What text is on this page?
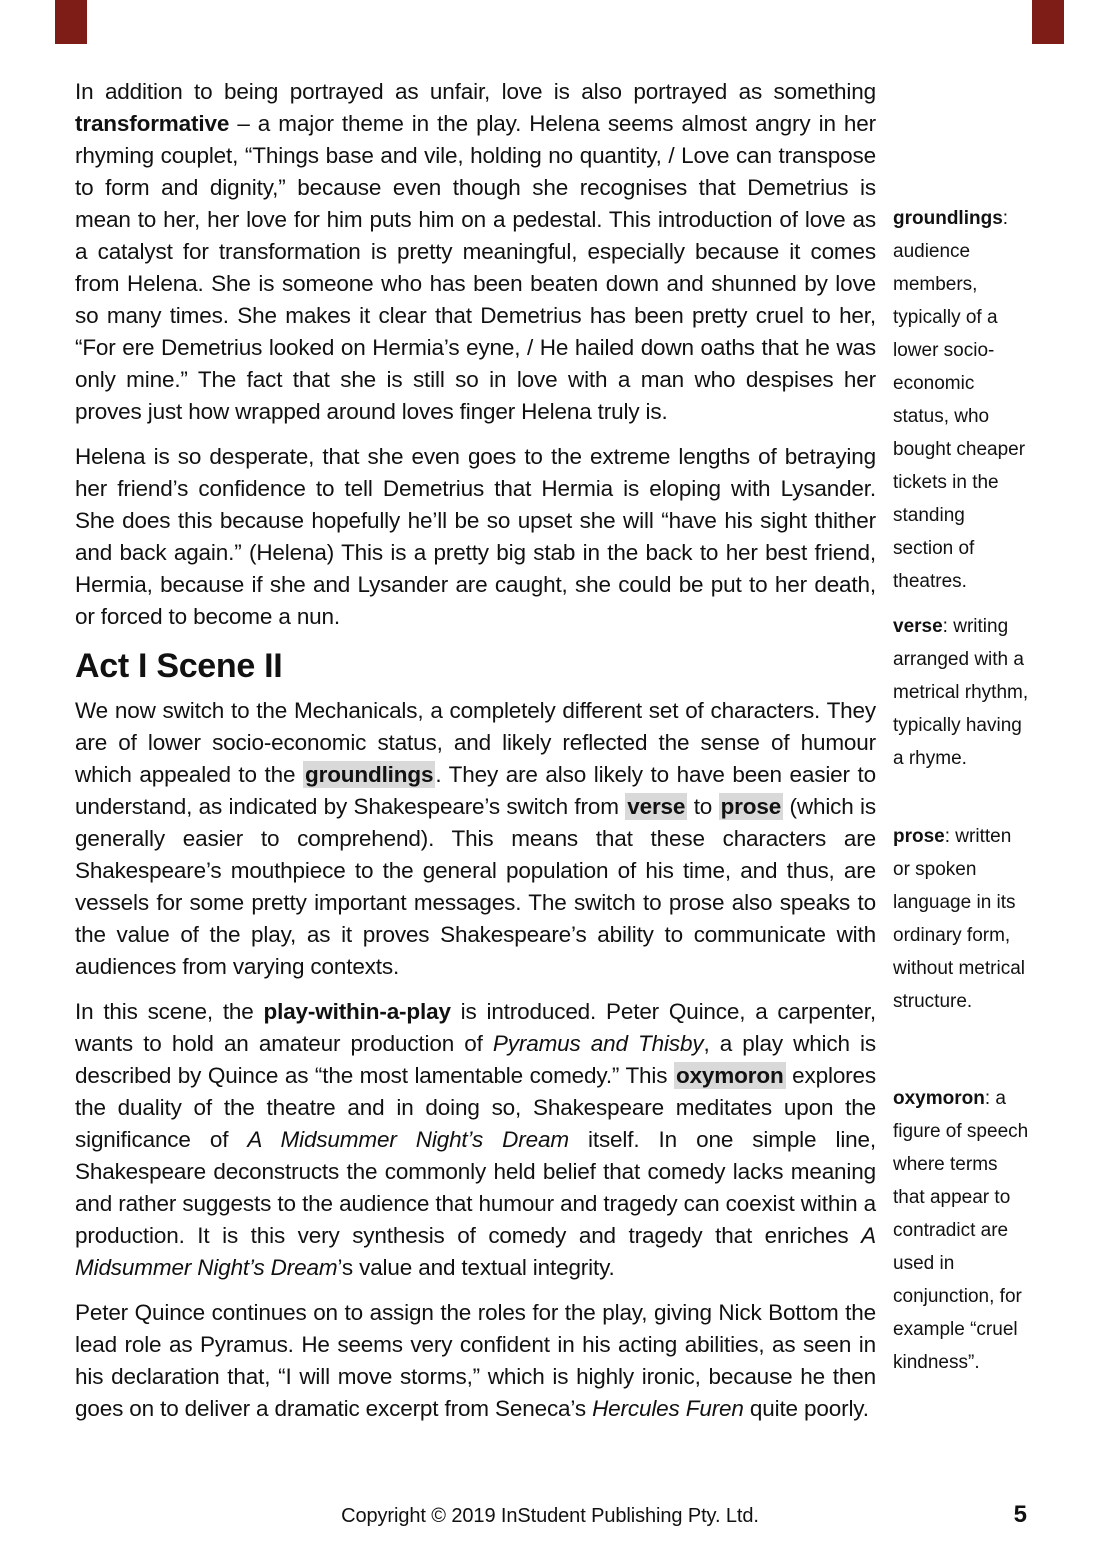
In addition to being portrayed as unfair, love is also portrayed as something transformative – a major theme in the play. Helena seems almost angry in her rhyming couplet, “Things base and vile, holding no quantity, / Love can transpose to form and dignity,” because even though she recognises that Demetrius is mean to her, her love for him puts him on a pedestal. This introduction of love as a catalyst for transformation is pretty meaningful, especially because it comes from Helena. She is someone who has been beaten down and shunned by love so many times. She makes it clear that Demetrius has been pretty cruel to her, “For ere Demetrius looked on Hermia’s eyne, / He hailed down oaths that he was only mine.” The fact that she is still so in love with a man who despises her proves just how wrapped around loves finger Helena truly is.

Helena is so desperate, that she even goes to the extreme lengths of betraying her friend’s confidence to tell Demetrius that Hermia is eloping with Lysander. She does this because hopefully he’ll be so upset she will “have his sight thither and back again.” (Helena) This is a pretty big stab in the back to her best friend, Hermia, because if she and Lysander are caught, she could be put to her death, or forced to become a nun.

Act I Scene II

We now switch to the Mechanicals, a completely different set of characters. They are of lower socio-economic status, and likely reflected the sense of humour which appealed to the groundlings. They are also likely to have been easier to understand, as indicated by Shakespeare’s switch from verse to prose (which is generally easier to comprehend). This means that these characters are Shakespeare’s mouthpiece to the general population of his time, and thus, are vessels for some pretty important messages. The switch to prose also speaks to the value of the play, as it proves Shakespeare’s ability to communicate with audiences from varying contexts.

In this scene, the play-within-a-play is introduced. Peter Quince, a carpenter, wants to hold an amateur production of Pyramus and Thisby, a play which is described by Quince as “the most lamentable comedy.” This oxymoron explores the duality of the theatre and in doing so, Shakespeare meditates upon the significance of A Midsummer Night’s Dream itself. In one simple line, Shakespeare deconstructs the commonly held belief that comedy lacks meaning and rather suggests to the audience that humour and tragedy can coexist within a production. It is this very synthesis of comedy and tragedy that enriches A Midsummer Night’s Dream’s value and textual integrity.

Peter Quince continues on to assign the roles for the play, giving Nick Bottom the lead role as Pyramus. He seems very confident in his acting abilities, as seen in his declaration that, “I will move storms,” which is highly ironic, because he then goes on to deliver a dramatic excerpt from Seneca’s Hercules Furen quite poorly.

groundlings: audience members, typically of a lower socio-economic status, who bought cheaper tickets in the standing section of theatres.
verse: writing arranged with a metrical rhythm, typically having a rhyme.
prose: written or spoken language in its ordinary form, without metrical structure.
oxymoron: a figure of speech where terms that appear to contradict are used in conjunction, for example “cruel kindness”.
Copyright © 2019 InStudent Publishing Pty. Ltd.	5
